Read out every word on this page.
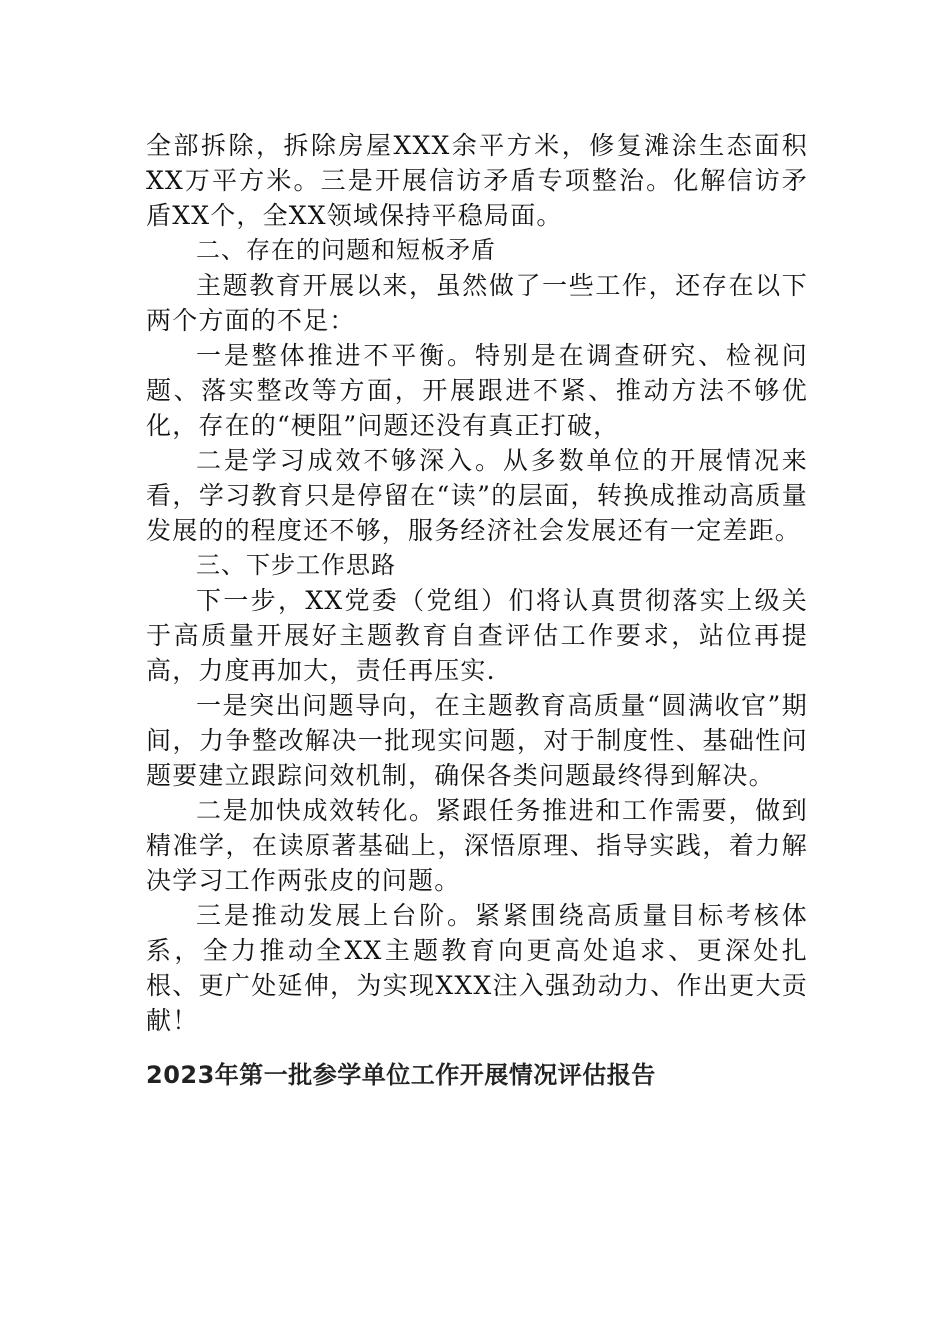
全部拆除，拆除房屋XXX余平方米，修复滩涂生态面积XX万平方米。三是开展信访矛盾专项整治。化解信访矛盾XX个，全XX领域保持平稳局面。

二、存在的问题和短板矛盾

主题教育开展以来，虽然做了一些工作，还存在以下两个方面的不足：

一是整体推进不平衡。特别是在调查研究、检视问题、落实整改等方面，开展跟进不紧、推动方法不够优化，存在的“梗阻”问题还没有真正打破，

二是学习成效不够深入。从多数单位的开展情况来看，学习教育只是停留在“读”的层面，转换成推动高质量发展的的程度还不够，服务经济社会发展还有一定差距。

三、下步工作思路

下一步，XX党委（党组）们将认真贯彻落实上级关于高质量开展好主题教育自查评估工作要求，站位再提高，力度再加大，责任再压实.

一是突出问题导向，在主题教育高质量“圆满收官”期间，力争整改解决一批现实问题，对于制度性、基础性问题要建立跟踪问效机制，确保各类问题最终得到解决。

二是加快成效转化。紧跟任务推进和工作需要，做到精准学，在读原著基础上，深悟原理、指导实践，着力解决学习工作两张皮的问题。

三是推动发展上台阶。紧紧围绕高质量目标考核体系，全力推动全XX主题教育向更高处追求、更深处扎根、更广处延伸，为实现XXX注入强劲动力、作出更大贡献！

2023年第一批参学单位工作开展情况评估报告
